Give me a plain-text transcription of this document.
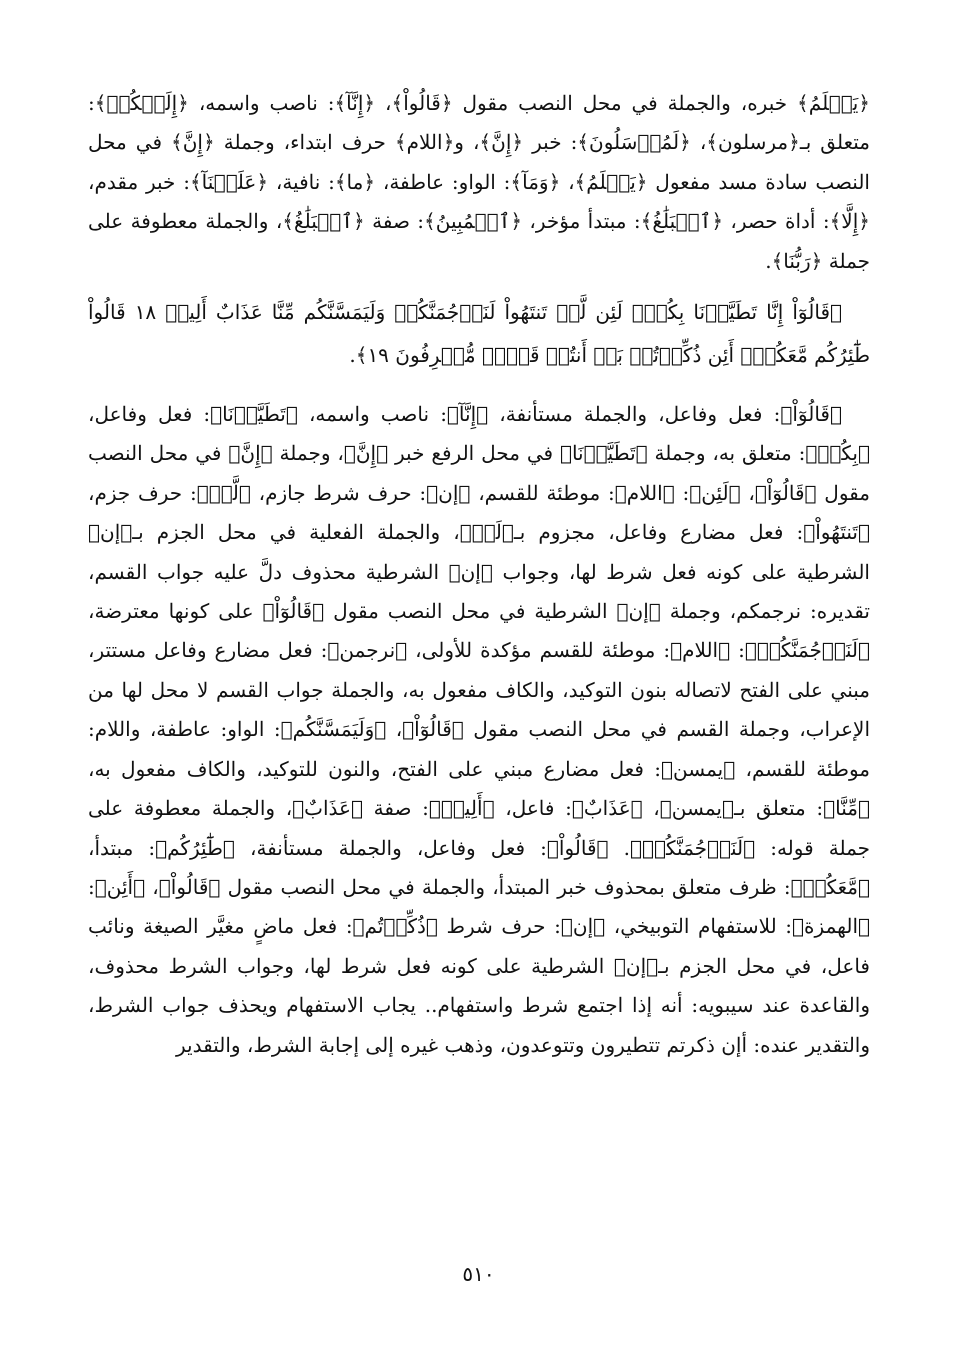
﴿يَعۡلَمُ﴾ خبره، والجملة في محل النصب مقول ﴿قَالُواْ﴾، ﴿إِنَّآ﴾: ناصب واسمه، ﴿إِلَيۡكُمۡ﴾: متعلق بـ﴿مرسلون﴾، ﴿لَمُرۡسَلُونَ﴾: خبر ﴿إِنَّ﴾، و﴿اللام﴾ حرف ابتداء، وجملة ﴿إِنَّ﴾ في محل النصب سادة مسد مفعول ﴿يَعۡلَمُ﴾، ﴿وَمَآ﴾: الواو: عاطفة، ﴿ما﴾: نافية، ﴿عَلَيۡنَآ﴾: خبر مقدم، ﴿إِلَّا﴾: أداة حصر، ﴿ٱلۡبَلَٰغُ﴾: مبتدأ مؤخر، ﴿ٱلۡمُبِينُ﴾: صفة ﴿ٱلۡبَلَٰغُ﴾، والجملة معطوفة على جملة ﴿رَبُّنَا﴾.

﴿قَالُوٓاْ إِنَّا تَطَيَّرۡنَا بِكُمۡۖ لَئِن لَّمۡ تَنتَهُواْ لَنَرۡجُمَنَّكُمۡ وَلَيَمَسَّنَّكُم مِّنَّا عَذَابٌ أَلِيمٞ ١٨ قَالُواْ طَٰٓئِرُكُم مَّعَكُمۡۚ أَئِن ذُكِّرۡتُمۚ بَلۡ أَنتُمۡ قَوۡمٞ مُّسۡرِفُونَ ١٩﴾.

﴿قَالُوٓاْ﴾: فعل وفاعل، والجملة مستأنفة، ﴿إِنَّآ﴾: ناصب واسمه، ﴿تَطَيَّرۡنَا﴾: فعل وفاعل، ﴿بِكُمۡ﴾: متعلق به، وجملة ﴿تَطَيَّرۡنَا﴾ في محل الرفع خبر ﴿إِنَّ﴾، وجملة ﴿إِنَّ﴾ في محل النصب مقول ﴿قَالُوٓاْ﴾، ﴿لَئِن﴾: ﴿اللام﴾: موطئة للقسم، ﴿إن﴾: حرف شرط جازم، ﴿لَّمۡ﴾: حرف جزم، ﴿تَنتَهُواْ﴾: فعل مضارع وفاعل، مجزوم بـ﴿لَمۡ﴾، والجملة الفعلية في محل الجزم بـ﴿إن﴾ الشرطية على كونه فعل شرط لها، وجواب ﴿إن﴾ الشرطية محذوف دلَّ عليه جواب القسم، تقديره: نرجمكم، وجملة ﴿إن﴾ الشرطية في محل النصب مقول ﴿قَالُوٓاْ﴾ على كونها معترضة، ﴿لَنَرۡجُمَنَّكُمۡ﴾: ﴿اللام﴾: موطئة للقسم مؤكدة للأولى، ﴿نرجمن﴾: فعل مضارع وفاعل مستتر، مبني على الفتح لاتصاله بنون التوكيد، والكاف مفعول به، والجملة جواب القسم لا محل لها من الإعراب، وجملة القسم في محل النصب مقول ﴿قَالُوٓاْ﴾، ﴿وَلَيَمَسَّنَّكُم﴾: الواو: عاطفة، واللام: موطئة للقسم، ﴿يمسن﴾: فعل مضارع مبني على الفتح، والنون للتوكيد، والكاف مفعول به، ﴿مِّنَّا﴾: متعلق بـ﴿يمسن﴾، ﴿عَذَابٌ﴾: فاعل، ﴿أَلِيمٞ﴾: صفة ﴿عَذَابٌ﴾، والجملة معطوفة على جملة قوله: ﴿لَنَرۡجُمَنَّكُمۡ﴾. ﴿قَالُواْ﴾: فعل وفاعل، والجملة مستأنفة، ﴿طَٰٓئِرُكُم﴾: مبتدأ، ﴿مَّعَكُمۡ﴾: ظرف متعلق بمحذوف خبر المبتدأ، والجملة في محل النصب مقول ﴿قَالُواْ﴾، ﴿أَئِن﴾: ﴿الهمزة﴾: للاستفهام التوبيخي، ﴿إن﴾: حرف شرط ﴿ذُكِّرۡتُم﴾: فعل ماضٍ مغيَّر الصيغة ونائب فاعل، في محل الجزم بـ﴿إن﴾ الشرطية على كونه فعل شرط لها، وجواب الشرط محذوف، والقاعدة عند سيبويه: أنه إذا اجتمع شرط واستفهام.. يجاب الاستفهام ويحذف جواب الشرط، والتقدير عنده: أإن ذكرتم تتطيرون وتتوعدون، وذهب غيره إلى إجابة الشرط، والتقدير

٥١٠
